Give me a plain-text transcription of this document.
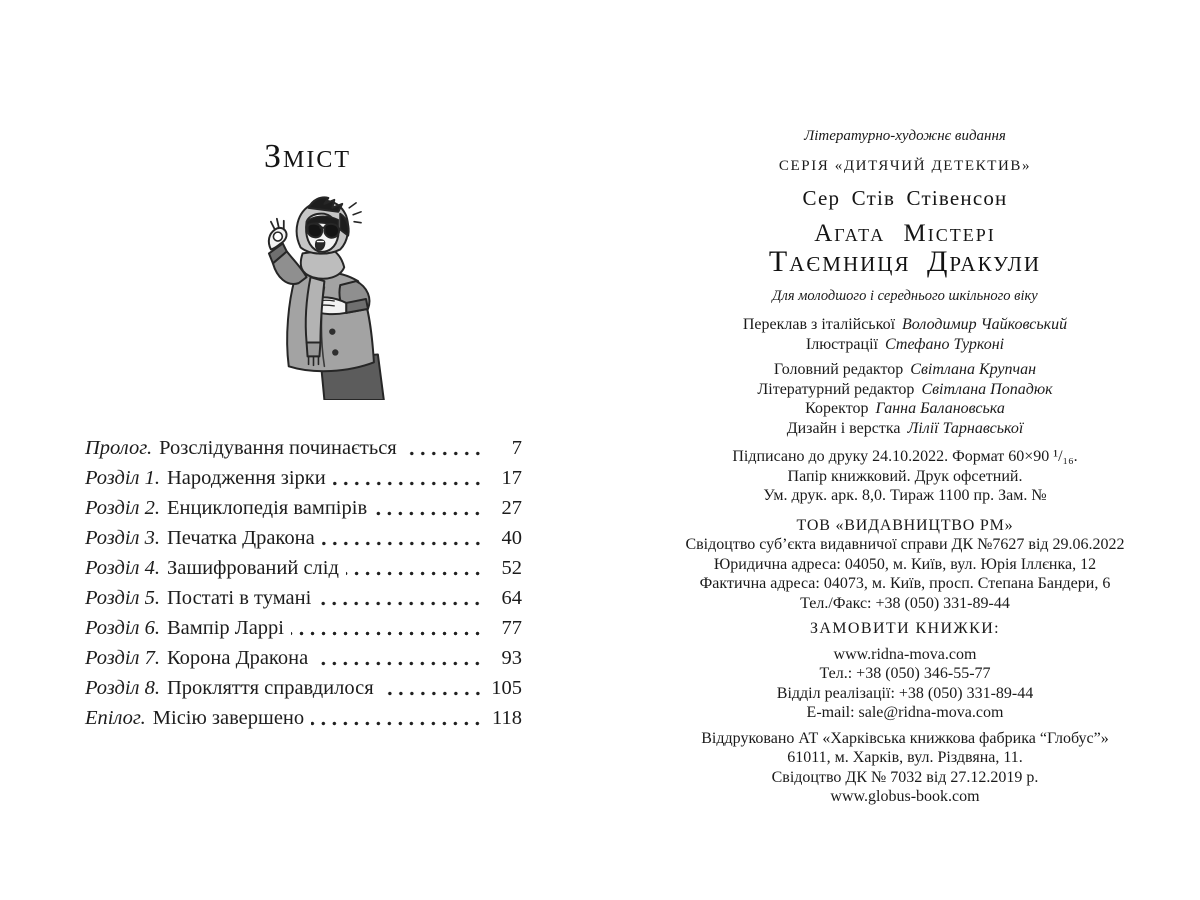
Зміст
Пролог. Розслідування починається	7
Розділ 1. Народження зірки	17
Розділ 2. Енциклопедія вампірів	27
Розділ 3. Печатка Дракона	40
Розділ 4. Зашифрований слід	52
Розділ 5. Постаті в тумані	64
Розділ 6. Вампір Ларрі	77
Розділ 7. Корона Дракона	93
Розділ 8. Прокляття справдилося	105
Епілог. Місію завершено	118
Літературно-художнє видання
СЕРІЯ «ДИТЯЧИЙ ДЕТЕКТИВ»
Сер Стів Стівенсон
Агата Містері
Таємниця Дракули
Для молодшого і середнього шкільного віку
Переклав з італійської Володимир Чайковський
Ілюстрації Стефано Турконі
Головний редактор Світлана Крупчан
Літературний редактор Світлана Попадюк
Коректор Ганна Балановська
Дизайн і верстка Лілії Тарнавської
Підписано до друку 24.10.2022. Формат 60×90 ¹/₁₆.
Папір книжковий. Друк офсетний.
Ум. друк. арк. 8,0. Тираж 1100 пр. Зам. №
ТОВ «ВИДАВНИЦТВО РМ»
Свідоцтво суб’єкта видавничої справи ДК №7627 від 29.06.2022
Юридична адреса: 04050, м. Київ, вул. Юрія Іллєнка, 12
Фактична адреса: 04073, м. Київ, просп. Степана Бандери, 6
Тел./Факс: +38 (050) 331-89-44
ЗАМОВИТИ КНИЖКИ:
www.ridna-mova.com
Тел.: +38 (050) 346-55-77
Відділ реалізації: +38 (050) 331-89-44
E-mail: sale@ridna-mova.com
Віддруковано АТ «Харківська книжкова фабрика “Глобус”»
61011, м. Харків, вул. Різдвяна, 11.
Свідоцтво ДК № 7032 від 27.12.2019 р.
www.globus-book.com
